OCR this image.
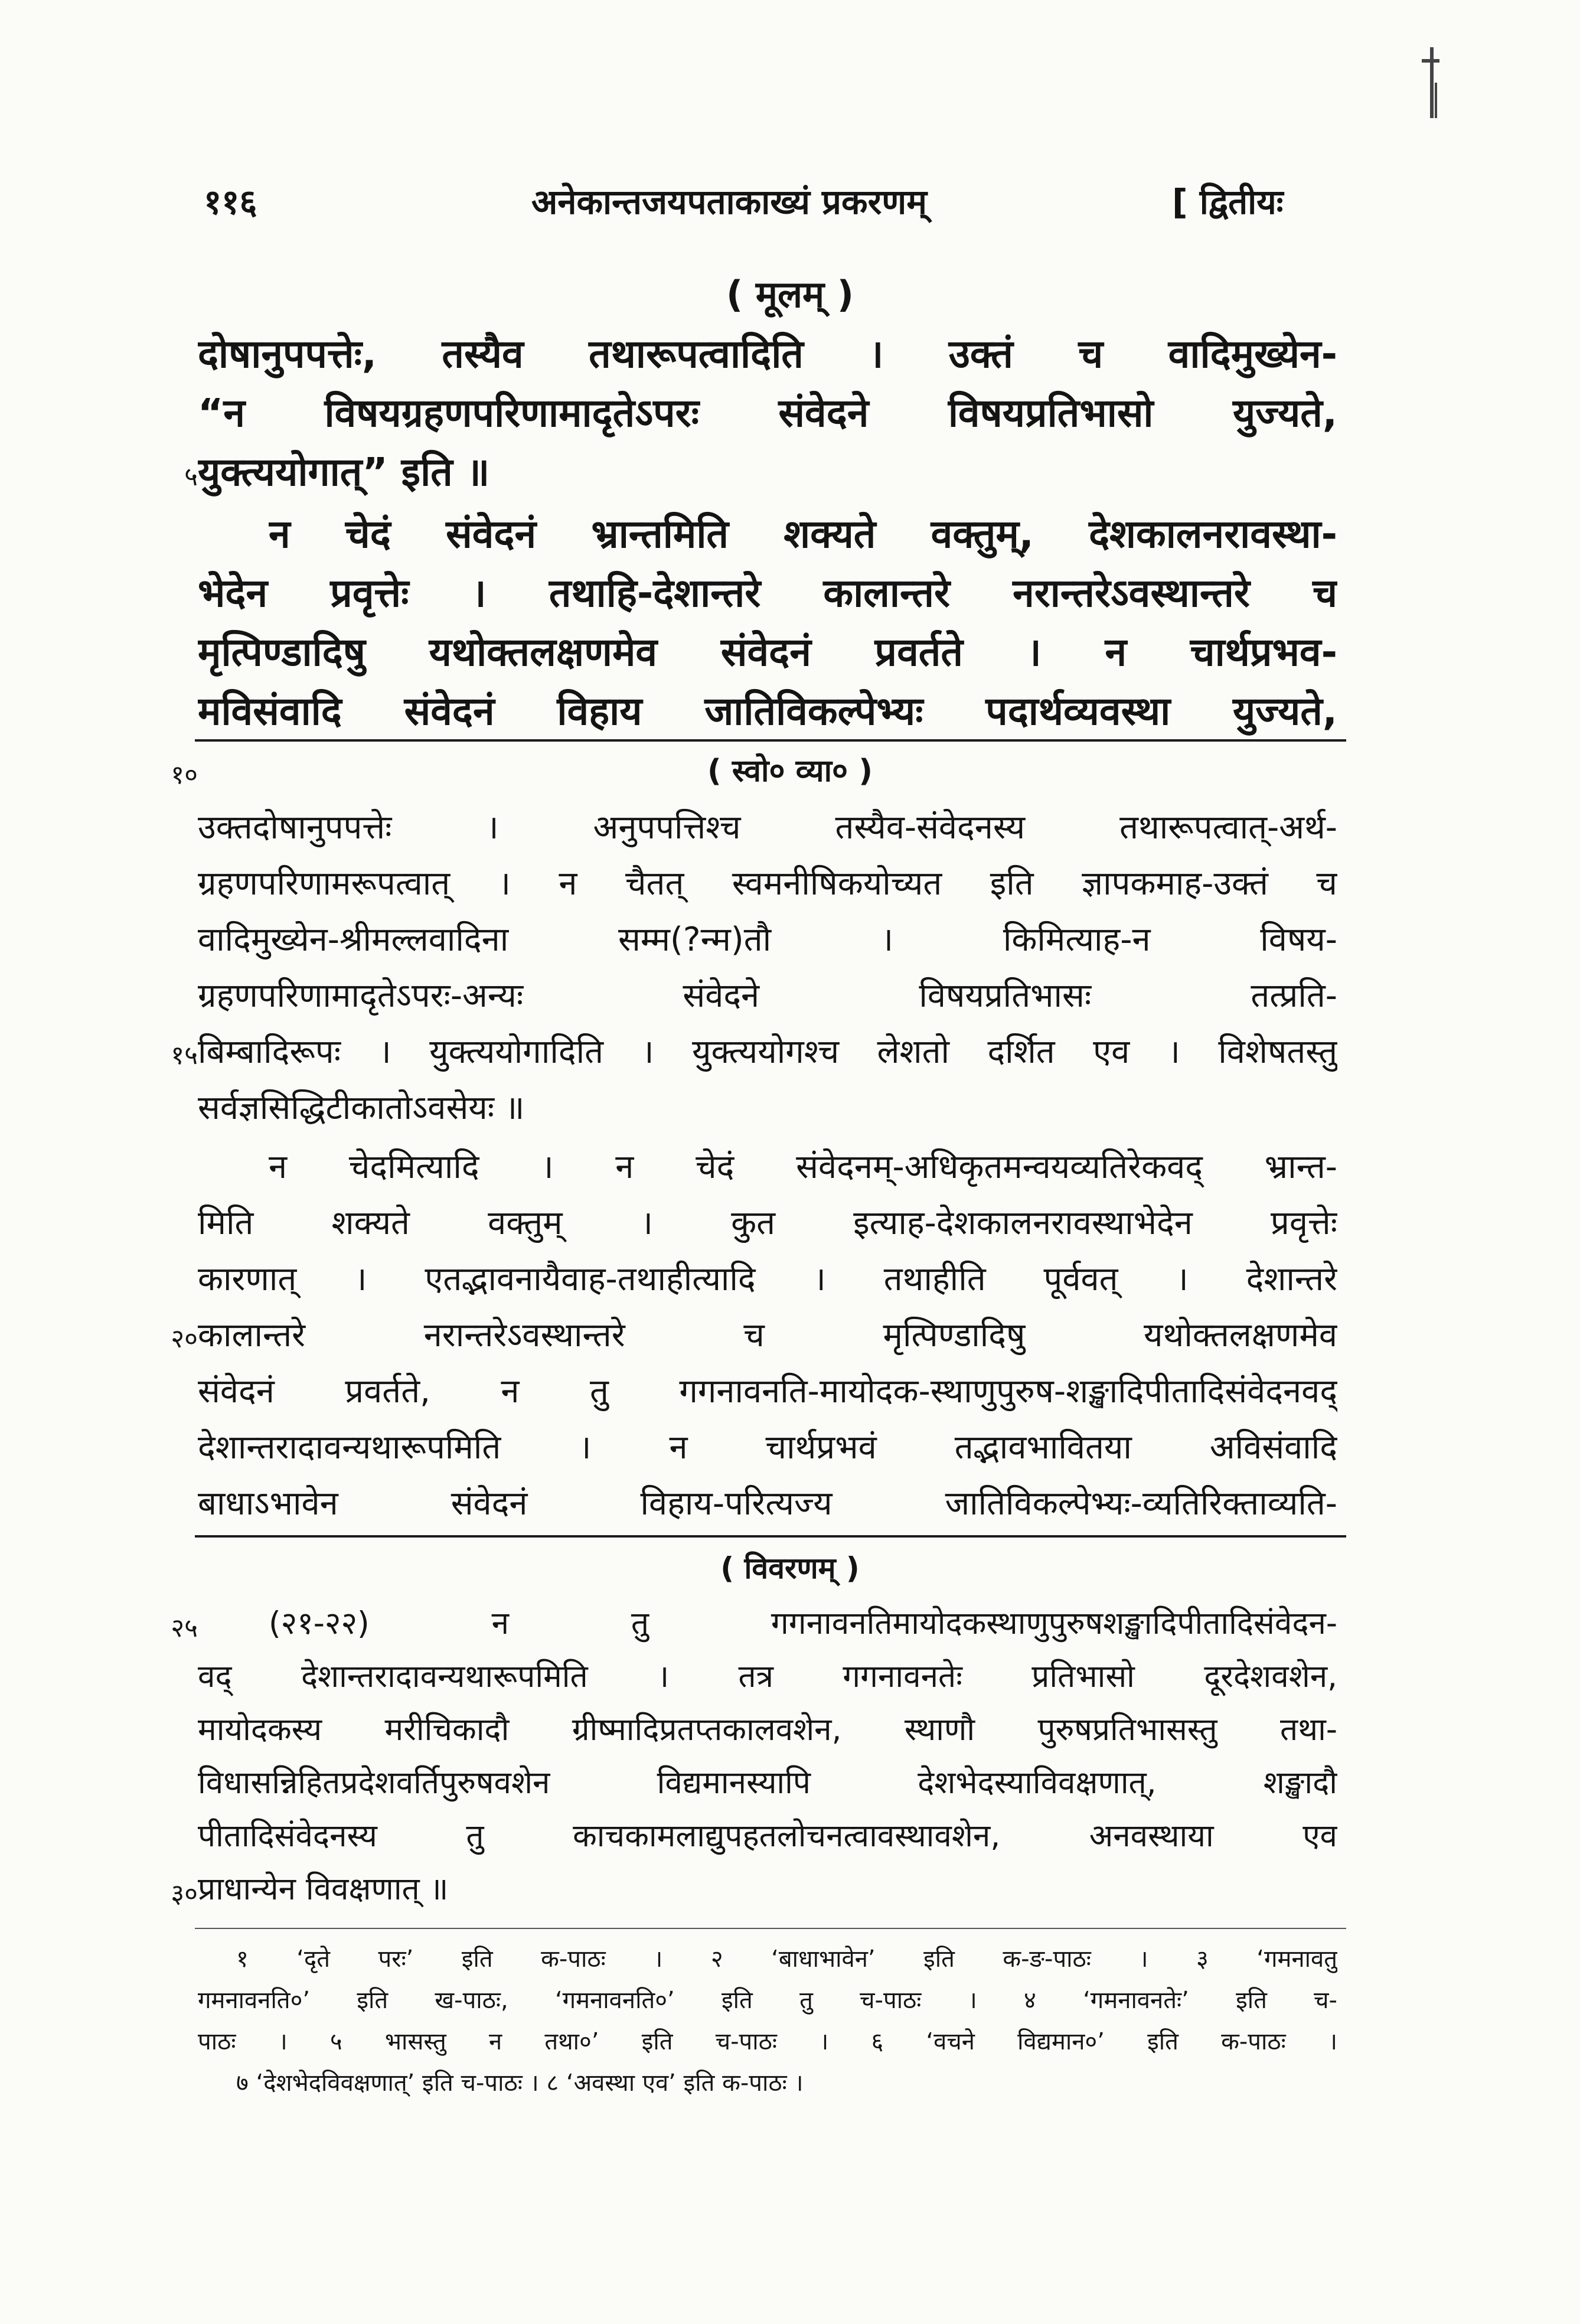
११६	अनेकान्तजयपताकाख्यं प्रकरणम्	[ द्वितीयः
( मूलम् )
दोषानुपपत्तेः, तस्यैव तथारूपत्वादिति । उक्तं च वादिमुख्येन-
“न विषयग्रहणपरिणामादृतेऽपरः संवेदने विषयप्रतिभासो युज्यते,
५ युक्त्ययोगात्” इति ॥
न चेदं संवेदनं भ्रान्तमिति शक्यते वक्तुम्, देशकालनरावस्था-
भेदेन प्रवृत्तेः । तथाहि-देशान्तरे कालान्तरे नरान्तरेऽवस्थान्तरे च
मृत्पिण्डादिषु यथोक्तलक्षणमेव संवेदनं प्रवर्तते । न चार्थप्रभव-
मविसंवादि संवेदनं विहाय जातिविकल्पेभ्यः पदार्थव्यवस्था युज्यते,
१०	( स्वो० व्या० )
उक्तदोषानुपपत्तेः । अनुपपत्तिश्च तस्यैव-संवेदनस्य तथारूपत्वात्-अर्थ-
ग्रहणपरिणामरूपत्वात् । न चैतत् स्वमनीषिकयोच्यत इति ज्ञापकमाह-उक्तं च
वादिमुख्येन-श्रीमल्लवादिना सम्म(?न्म)तौ । किमित्याह-न विषय-
ग्रहणपरिणामादृतेऽपरः-अन्यः संवेदने विषयप्रतिभासः तत्प्रति-
१५ बिम्बादिरूपः । युक्त्ययोगादिति । युक्त्ययोगश्च लेशतो दर्शित एव । विशेषतस्तु
सर्वज्ञसिद्धिटीकातोऽवसेयः ॥
न चेदमित्यादि । न चेदं संवेदनम्-अधिकृतमन्वयव्यतिरेकवद् भ्रान्त-
मिति शक्यते वक्तुम् । कुत इत्याह-देशकालनरावस्थाभेदेन प्रवृत्तेः
कारणात् । एतद्भावनायैवाह-तथाहीत्यादि । तथाहीति पूर्ववत् । देशान्तरे
२० कालान्तरे नरान्तरेऽवस्थान्तरे च मृत्पिण्डादिषु यथोक्तलक्षणमेव
संवेदनं प्रवर्तते, न तु गगनावनति-मायोदक-स्थाणुपुरुष-शङ्खादिपीतादिसंवेदनवद्
देशान्तरादावन्यथारूपमिति । न चार्थप्रभवं तद्भावभावितया अविसंवादि
बाधाऽभावेन संवेदनं विहाय-परित्यज्य जातिविकल्पेभ्यः-व्यतिरिक्ताव्यति-
( विवरणम् )
२५ (२१-२२) न तु गगनावनतिमायोदकस्थाणुपुरुषशङ्खादिपीतादिसंवेदन-
वद् देशान्तरादावन्यथारूपमिति । तत्र गगनावनतेः प्रतिभासो दूरदेशवशेन,
मायोदकस्य मरीचिकादौ ग्रीष्मादिप्रतप्तकालवशेन, स्थाणौ पुरुषप्रतिभासस्तु तथा-
विधासन्निहितप्रदेशवर्तिपुरुषवशेन विद्यमानस्यापि देशभेदस्याविवक्षणात्, शङ्खादौ
पीतादिसंवेदनस्य तु काचकामलाद्युपहतलोचनत्वावस्थावशेन, अनवस्थाया एव
३० प्राधान्येन विवक्षणात् ॥
१ ‘दृते परः’ इति क-पाठः । २ ‘बाधाभावेन’ इति क-ङ-पाठः । ३ ‘गमनावतु
गमनावनति०’ इति ख-पाठः, ‘गमनावनति०’ इति तु च-पाठः । ४ ‘गमनावनतेः’ इति च-
पाठः । ५ भासस्तु न तथा०’ इति च-पाठः । ६ ‘वचने विद्यमान०’ इति क-पाठः ।
७ ‘देशभेदविवक्षणात्’ इति च-पाठः । ८ ‘अवस्था एव’ इति क-पाठः ।
